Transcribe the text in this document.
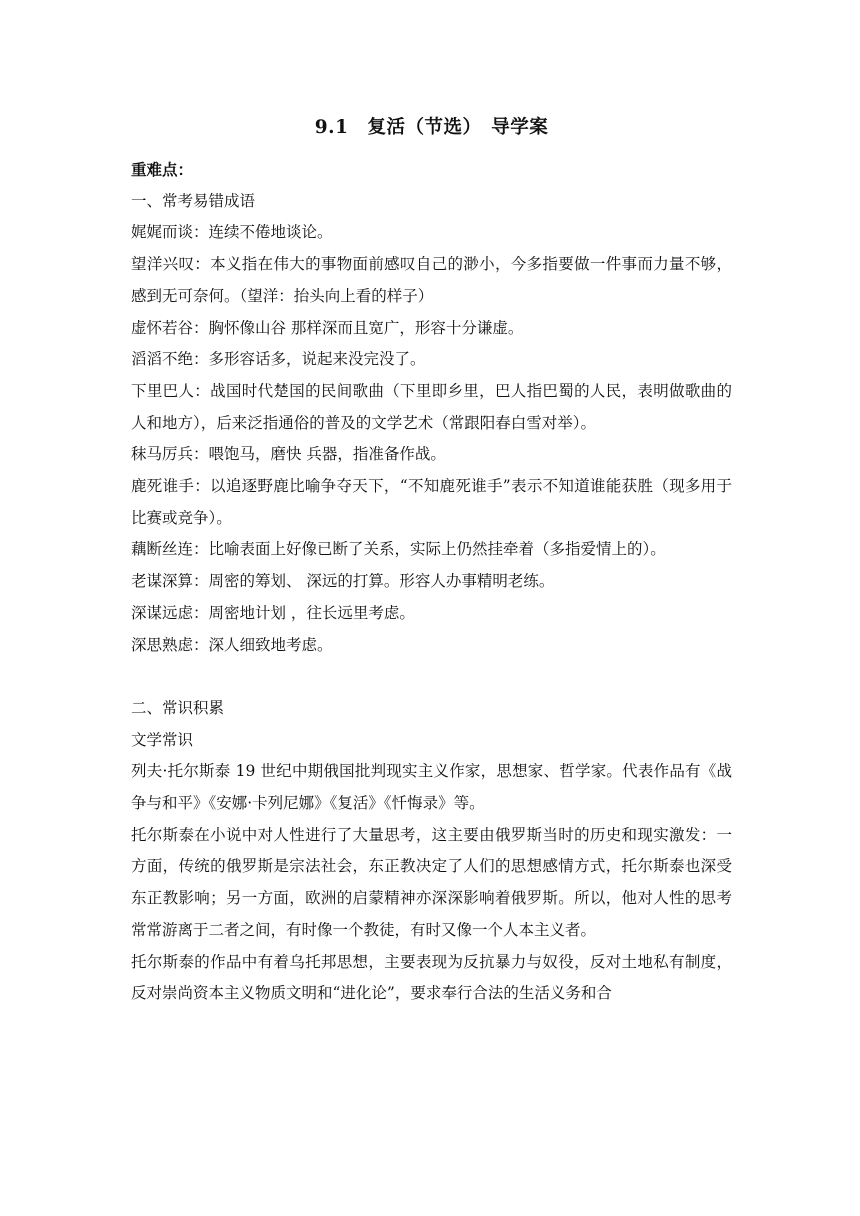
9.1　复活（节选）　导学案

重难点：

一、常考易错成语

娓娓而谈：连续不倦地谈论。

望洋兴叹：本义指在伟大的事物面前感叹自己的渺小，今多指要做一件事而力量不够，感到无可奈何。（望洋：抬头向上看的样子）

虚怀若谷：胸怀像山谷 那样深而且宽广，形容十分谦虚。

滔滔不绝：多形容话多，说起来没完没了。

下里巴人：战国时代楚国的民间歌曲（下里即乡里，巴人指巴蜀的人民，表明做歌曲的人和地方），后来泛指通俗的普及的文学艺术（常跟阳春白雪对举）。

秣马厉兵：喂饱马，磨快 兵器，指准备作战。

鹿死谁手：以追逐野鹿比喻争夺天下，“不知鹿死谁手”表示不知道谁能获胜（现多用于比赛或竞争）。

藕断丝连：比喻表面上好像已断了关系，实际上仍然挂牵着（多指爱情上的）。

老谋深算：周密的筹划、 深远的打算。形容人办事精明老练。

深谋远虑：周密地计划 ，往长远里考虑。

深思熟虑：深人细致地考虑。

二、常识积累

文学常识

列夫·托尔斯泰 19 世纪中期俄国批判现实主义作家，思想家、哲学家。代表作品有《战争与和平》《安娜·卡列尼娜》《复活》《忏悔录》等。

托尔斯泰在小说中对人性进行了大量思考，这主要由俄罗斯当时的历史和现实激发：一方面，传统的俄罗斯是宗法社会，东正教决定了人们的思想感情方式，托尔斯泰也深受东正教影响；另一方面，欧洲的启蒙精神亦深深影响着俄罗斯。所以，他对人性的思考常常游离于二者之间，有时像一个教徒，有时又像一个人本主义者。

托尔斯泰的作品中有着乌托邦思想，主要表现为反抗暴力与奴役，反对土地私有制度，反对崇尚资本主义物质文明和“进化论”，要求奉行合法的生活义务和合
